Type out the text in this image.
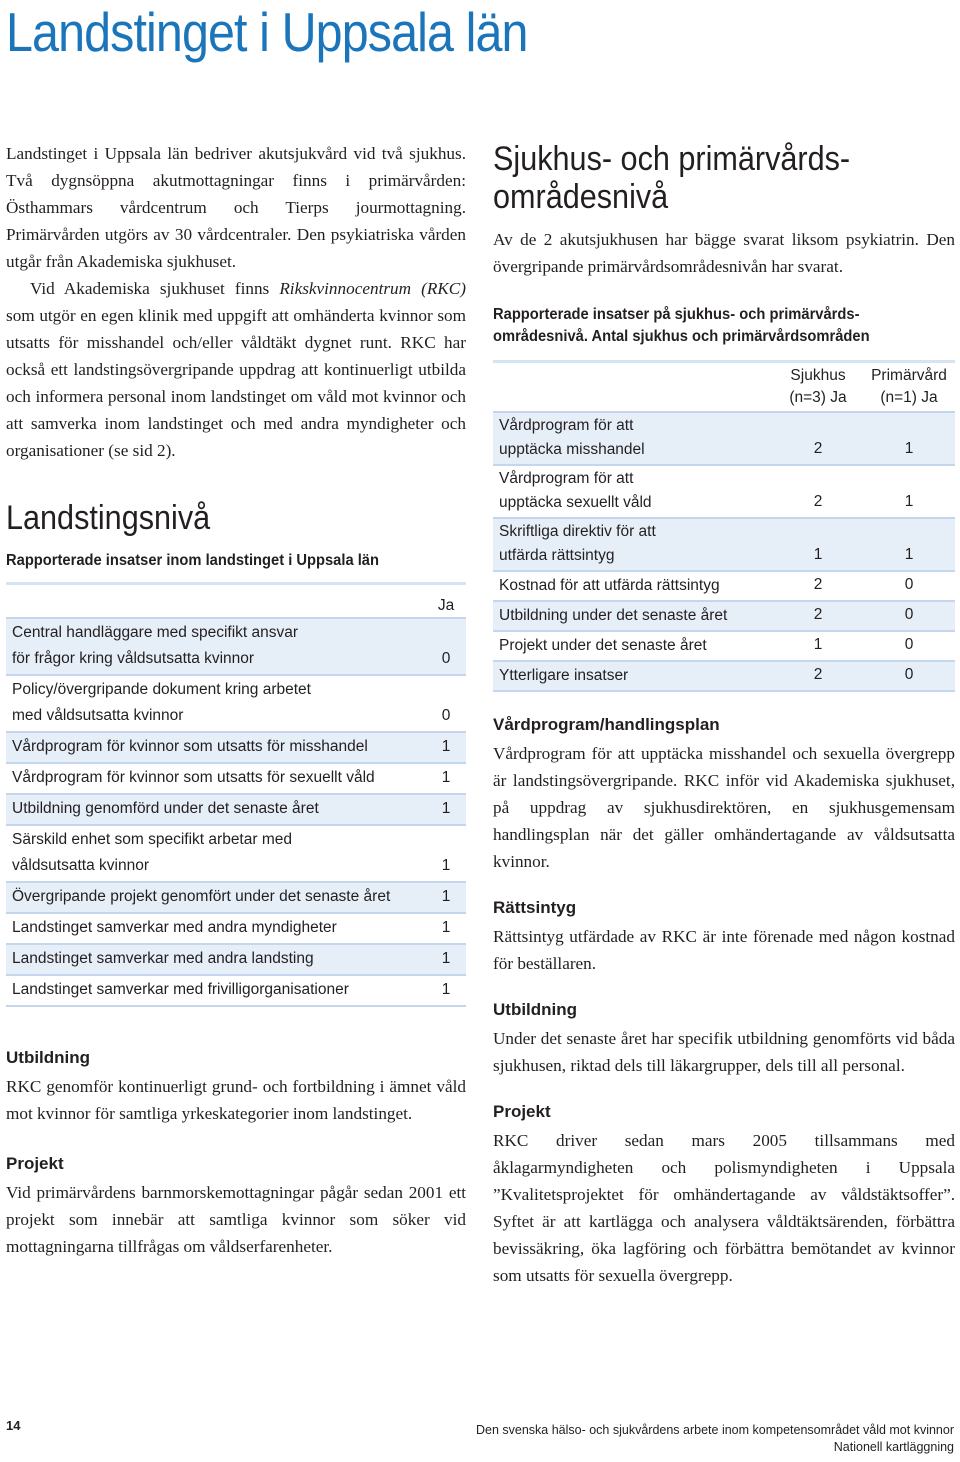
Landstinget i Uppsala län

Landstinget i Uppsala län bedriver akutsjukvård vid två sjukhus. Två dygnsöppna akutmottagningar finns i primärvården: Östhammars vårdcentrum och Tierps jourmottagning. Primärvården utgörs av 30 vårdcentraler. Den psykiatriska vården utgår från Akademiska sjukhuset.

Vid Akademiska sjukhuset finns Rikskvinnocentrum (RKC) som utgör en egen klinik med uppgift att omhänderta kvinnor som utsatts för misshandel och/eller våldtäkt dygnet runt. RKC har också ett landstingsövergripande uppdrag att kontinuerligt utbilda och informera personal inom landstinget om våld mot kvinnor och att samverka inom landstinget och med andra myndigheter och organisationer (se sid 2).

Landstingsnivå
Rapporterade insatser inom landstinget i Uppsala län
Ja
Central handläggare med specifikt ansvar
för frågor kring våldsutsatta kvinnor	0
Policy/övergripande dokument kring arbetet
med våldsutsatta kvinnor	0
Vårdprogram för kvinnor som utsatts för misshandel	1
Vårdprogram för kvinnor som utsatts för sexuellt våld	1
Utbildning genomförd under det senaste året	1
Särskild enhet som specifikt arbetar med
våldsutsatta kvinnor	1
Övergripande projekt genomfört under det senaste året	1
Landstinget samverkar med andra myndigheter	1
Landstinget samverkar med andra landsting	1
Landstinget samverkar med frivilligorganisationer	1
Utbildning

RKC genomför kontinuerligt grund- och fortbildning i ämnet våld mot kvinnor för samtliga yrkeskategorier inom landstinget.

Projekt

Vid primärvårdens barnmorskemottagningar pågår sedan 2001 ett projekt som innebär att samtliga kvinnor som söker vid mottagningarna tillfrågas om våldserfarenheter.

Sjukhus- och primärvårds-
områdesnivå

Av de 2 akutsjukhusen har bägge svarat liksom psykiatrin. Den övergripande primärvårdsområdesnivån har svarat.

Rapporterade insatser på sjukhus- och primärvårds-
områdesnivå. Antal sjukhus och primärvårdsområden
Sjukhus
(n=3) Ja
Primärvård
(n=1) Ja
Vårdprogram för att
upptäcka misshandel	2	1
Vårdprogram för att
upptäcka sexuellt våld	2	1
Skriftliga direktiv för att
utfärda rättsintyg	1	1
Kostnad för att utfärda rättsintyg	2	0
Utbildning under det senaste året	2	0
Projekt under det senaste året	1	0
Ytterligare insatser	2	0
Vårdprogram/handlingsplan

Vårdprogram för att upptäcka misshandel och sexuella övergrepp är landstingsövergripande. RKC inför vid Akademiska sjukhuset, på uppdrag av sjukhusdirektören, en sjukhusgemensam handlingsplan när det gäller omhändertagande av våldsutsatta kvinnor.

Rättsintyg

Rättsintyg utfärdade av RKC är inte förenade med någon kostnad för beställaren.

Utbildning

Under det senaste året har specifik utbildning genomförts vid båda sjukhusen, riktad dels till läkargrupper, dels till all personal.

Projekt

RKC driver sedan mars 2005 tillsammans med åklagarmyndigheten och polismyndigheten i Uppsala ”Kvalitetsprojektet för omhändertagande av våldstäktsoffer”. Syftet är att kartlägga och analysera våldtäktsärenden, förbättra bevissäkring, öka lagföring och förbättra bemötandet av kvinnor som utsatts för sexuella övergrepp.

14	Den svenska hälso- och sjukvårdens arbete inom kompetensområdet våld mot kvinnor
Nationell kartläggning
